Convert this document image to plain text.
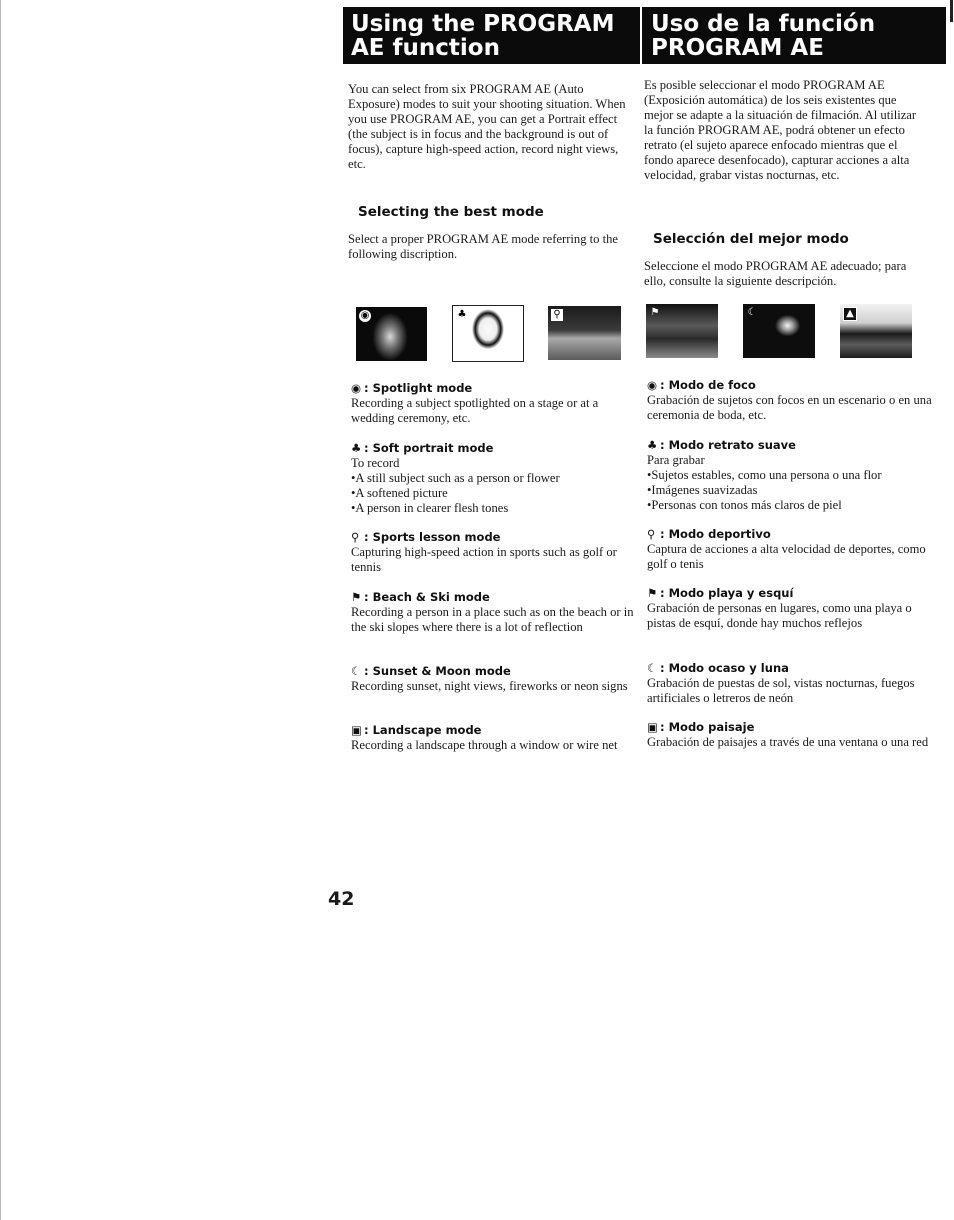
Using the PROGRAM
AE function
Uso de la función
PROGRAM AE

You can select from six PROGRAM AE (Auto Exposure) modes to suit your shooting situation. When you use PROGRAM AE, you can get a Portrait effect (the subject is in focus and the background is out of focus), capture high-speed action, record night views, etc.

Es posible seleccionar el modo PROGRAM AE (Exposición automática) de los seis existentes que mejor se adapte a la situación de filmación. Al utilizar la función PROGRAM AE, podrá obtener un efecto retrato (el sujeto aparece enfocado mientras que el fondo aparece desenfocado), capturar acciones a alta velocidad, grabar vistas nocturnas, etc.

Selecting the best mode
Selección del mejor modo

Select a proper PROGRAM AE mode referring to the following discription.

Seleccione el modo PROGRAM AE adecuado; para ello, consulte la siguiente descripción.

◉	♣	⚲	⚑	☾	▲
◉ : Spotlight mode
Recording a subject spotlighted on a stage or at a wedding ceremony, etc.
♣ : Soft portrait mode
To record
• A still subject such as a person or flower
• A softened picture
• A person in clearer flesh tones
⚲ : Sports lesson mode
Capturing high-speed action in sports such as golf or tennis
⚑ : Beach & Ski mode
Recording a person in a place such as on the beach or in the ski slopes where there is a lot of reflection
☾ : Sunset & Moon mode
Recording sunset, night views, fireworks or neon signs
▣ : Landscape mode
Recording a landscape through a window or wire net
◉ : Modo de foco
Grabación de sujetos con focos en un escenario o en una ceremonia de boda, etc.
♣ : Modo retrato suave
Para grabar
• Sujetos estables, como una persona o una flor
• Imágenes suavizadas
• Personas con tonos más claros de piel
⚲ : Modo deportivo
Captura de acciones a alta velocidad de deportes, como golf o tenis
⚑ : Modo playa y esquí
Grabación de personas en lugares, como una playa o pistas de esquí, donde hay muchos reflejos
☾ : Modo ocaso y luna
Grabación de puestas de sol, vistas nocturnas, fuegos artificiales o letreros de neón
▣ : Modo paisaje
Grabación de paisajes a través de una ventana o una red
42
